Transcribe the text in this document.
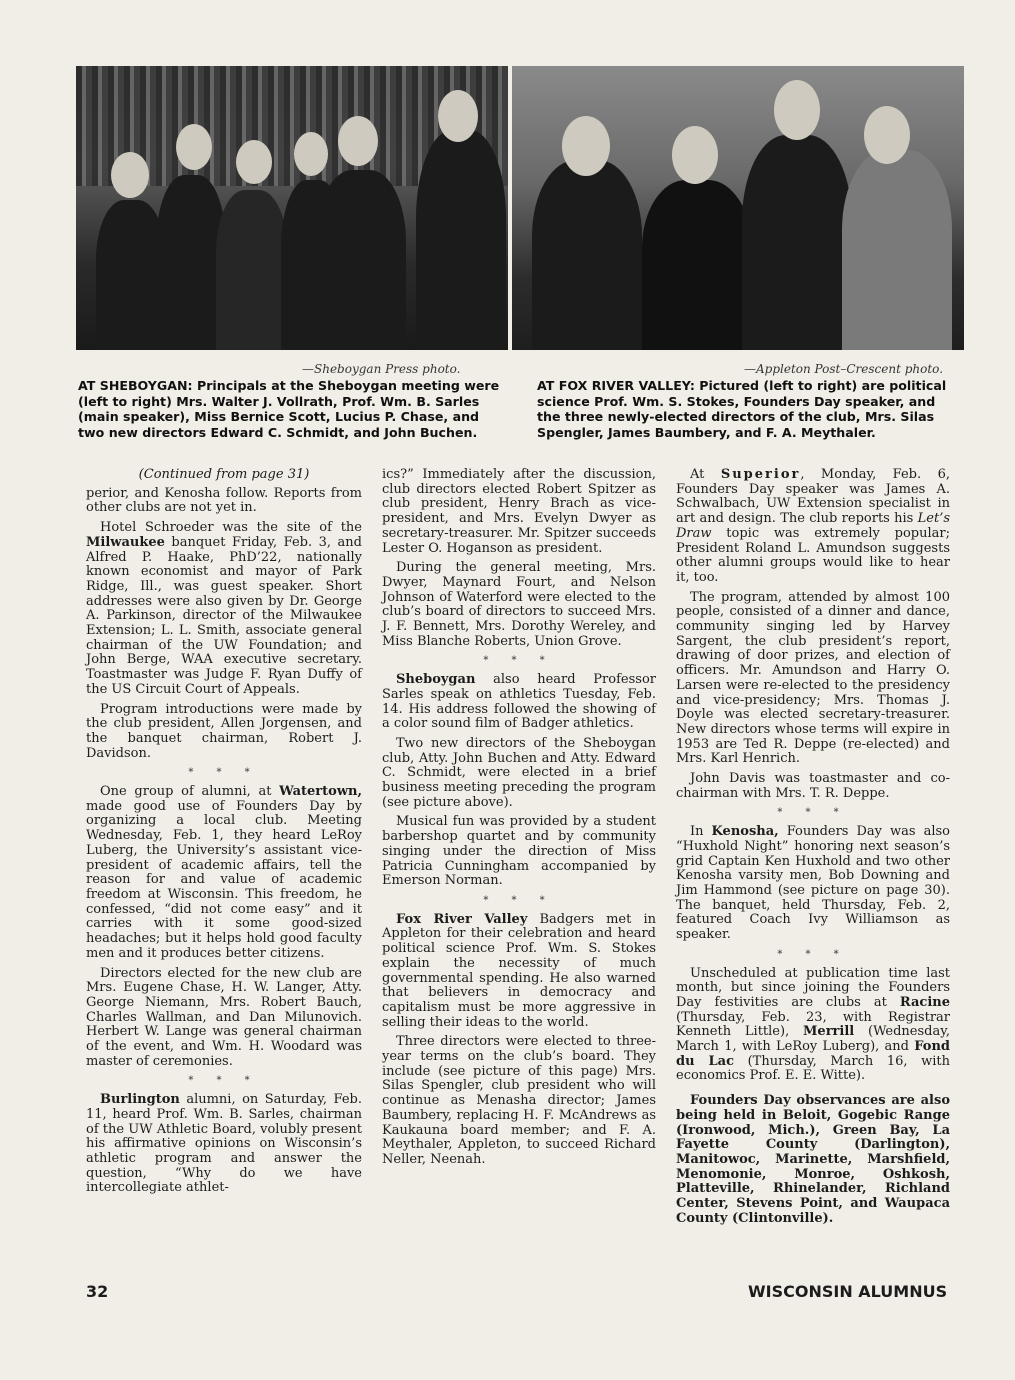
—Sheboygan Press photo.	—Appleton Post–Crescent photo.
AT SHEBOYGAN: Principals at the Sheboygan meeting were (left to right) Mrs. Walter J. Vollrath, Prof. Wm. B. Sarles (main speaker), Miss Bernice Scott, Lucius P. Chase, and two new directors Edward C. Schmidt, and John Buchen.
AT FOX RIVER VALLEY: Pictured (left to right) are political science Prof. Wm. S. Stokes, Founders Day speaker, and the three newly-elected directors of the club, Mrs. Silas Spengler, James Baumbery, and F. A. Meythaler.
(Continued from page 31)

perior, and Kenosha follow. Reports from other clubs are not yet in.

Hotel Schroeder was the site of the Milwaukee banquet Friday, Feb. 3, and Alfred P. Haake, PhD’22, nationally known economist and mayor of Park Ridge, Ill., was guest speaker. Short addresses were also given by Dr. George A. Parkinson, director of the Milwaukee Extension; L. L. Smith, associate general chairman of the UW Foundation; and John Berge, WAA executive secretary. Toastmaster was Judge F. Ryan Duffy of the US Circuit Court of Appeals.

Program introductions were made by the club president, Allen Jorgensen, and the banquet chairman, Robert J. Davidson.

* * *

One group of alumni, at Watertown, made good use of Founders Day by organizing a local club. Meeting Wednesday, Feb. 1, they heard LeRoy Luberg, the University’s assistant vice-president of academic affairs, tell the reason for and value of academic freedom at Wisconsin. This freedom, he confessed, “did not come easy” and it carries with it some good-sized headaches; but it helps hold good faculty men and it produces better citizens.

Directors elected for the new club are Mrs. Eugene Chase, H. W. Langer, Atty. George Niemann, Mrs. Robert Bauch, Charles Wallman, and Dan Milunovich. Herbert W. Lange was general chairman of the event, and Wm. H. Woodard was master of ceremonies.

* * *

Burlington alumni, on Saturday, Feb. 11, heard Prof. Wm. B. Sarles, chairman of the UW Athletic Board, volubly present his affirmative opinions on Wisconsin’s athletic program and answer the question, “Why do we have intercollegiate athlet-

ics?” Immediately after the discussion, club directors elected Robert Spitzer as club president, Henry Brach as vice-president, and Mrs. Evelyn Dwyer as secretary-treasurer. Mr. Spitzer succeeds Lester O. Hoganson as president.

During the general meeting, Mrs. Dwyer, Maynard Fourt, and Nelson Johnson of Waterford were elected to the club’s board of directors to succeed Mrs. J. F. Bennett, Mrs. Dorothy Wereley, and Miss Blanche Roberts, Union Grove.

* * *

Sheboygan also heard Professor Sarles speak on athletics Tuesday, Feb. 14. His address followed the showing of a color sound film of Badger athletics.

Two new directors of the Sheboygan club, Atty. John Buchen and Atty. Edward C. Schmidt, were elected in a brief business meeting preceding the program (see picture above).

Musical fun was provided by a student barbershop quartet and by community singing under the direction of Miss Patricia Cunningham accompanied by Emerson Norman.

* * *

Fox River Valley Badgers met in Appleton for their celebration and heard political science Prof. Wm. S. Stokes explain the necessity of much governmental spending. He also warned that believers in democracy and capitalism must be more aggressive in selling their ideas to the world.

Three directors were elected to three-year terms on the club’s board. They include (see picture of this page) Mrs. Silas Spengler, club president who will continue as Menasha director; James Baumbery, replacing H. F. McAndrews as Kaukauna board member; and F. A. Meythaler, Appleton, to succeed Richard Neller, Neenah.

At Superior, Monday, Feb. 6, Founders Day speaker was James A. Schwalbach, UW Extension specialist in art and design. The club reports his Let’s Draw topic was extremely popular; President Roland L. Amundson suggests other alumni groups would like to hear it, too.

The program, attended by almost 100 people, consisted of a dinner and dance, community singing led by Harvey Sargent, the club president’s report, drawing of door prizes, and election of officers. Mr. Amundson and Harry O. Larsen were re-elected to the presidency and vice-presidency; Mrs. Thomas J. Doyle was elected secretary-treasurer. New directors whose terms will expire in 1953 are Ted R. Deppe (re-elected) and Mrs. Karl Henrich.

John Davis was toastmaster and co-chairman with Mrs. T. R. Deppe.

* * *

In Kenosha, Founders Day was also “Huxhold Night” honoring next season’s grid Captain Ken Huxhold and two other Kenosha varsity men, Bob Downing and Jim Hammond (see picture on page 30). The banquet, held Thursday, Feb. 2, featured Coach Ivy Williamson as speaker.

* * *

Unscheduled at publication time last month, but since joining the Founders Day festivities are clubs at Racine (Thursday, Feb. 23, with Registrar Kenneth Little), Merrill (Wednesday, March 1, with LeRoy Luberg), and Fond du Lac (Thursday, March 16, with economics Prof. E. E. Witte).

Founders Day observances are also being held in Beloit, Gogebic Range (Ironwood, Mich.), Green Bay, La Fayette County (Darlington), Manitowoc, Marinette, Marshfield, Menomonie, Monroe, Oshkosh, Platteville, Rhinelander, Richland Center, Stevens Point, and Waupaca County (Clintonville).

32	WISCONSIN ALUMNUS
